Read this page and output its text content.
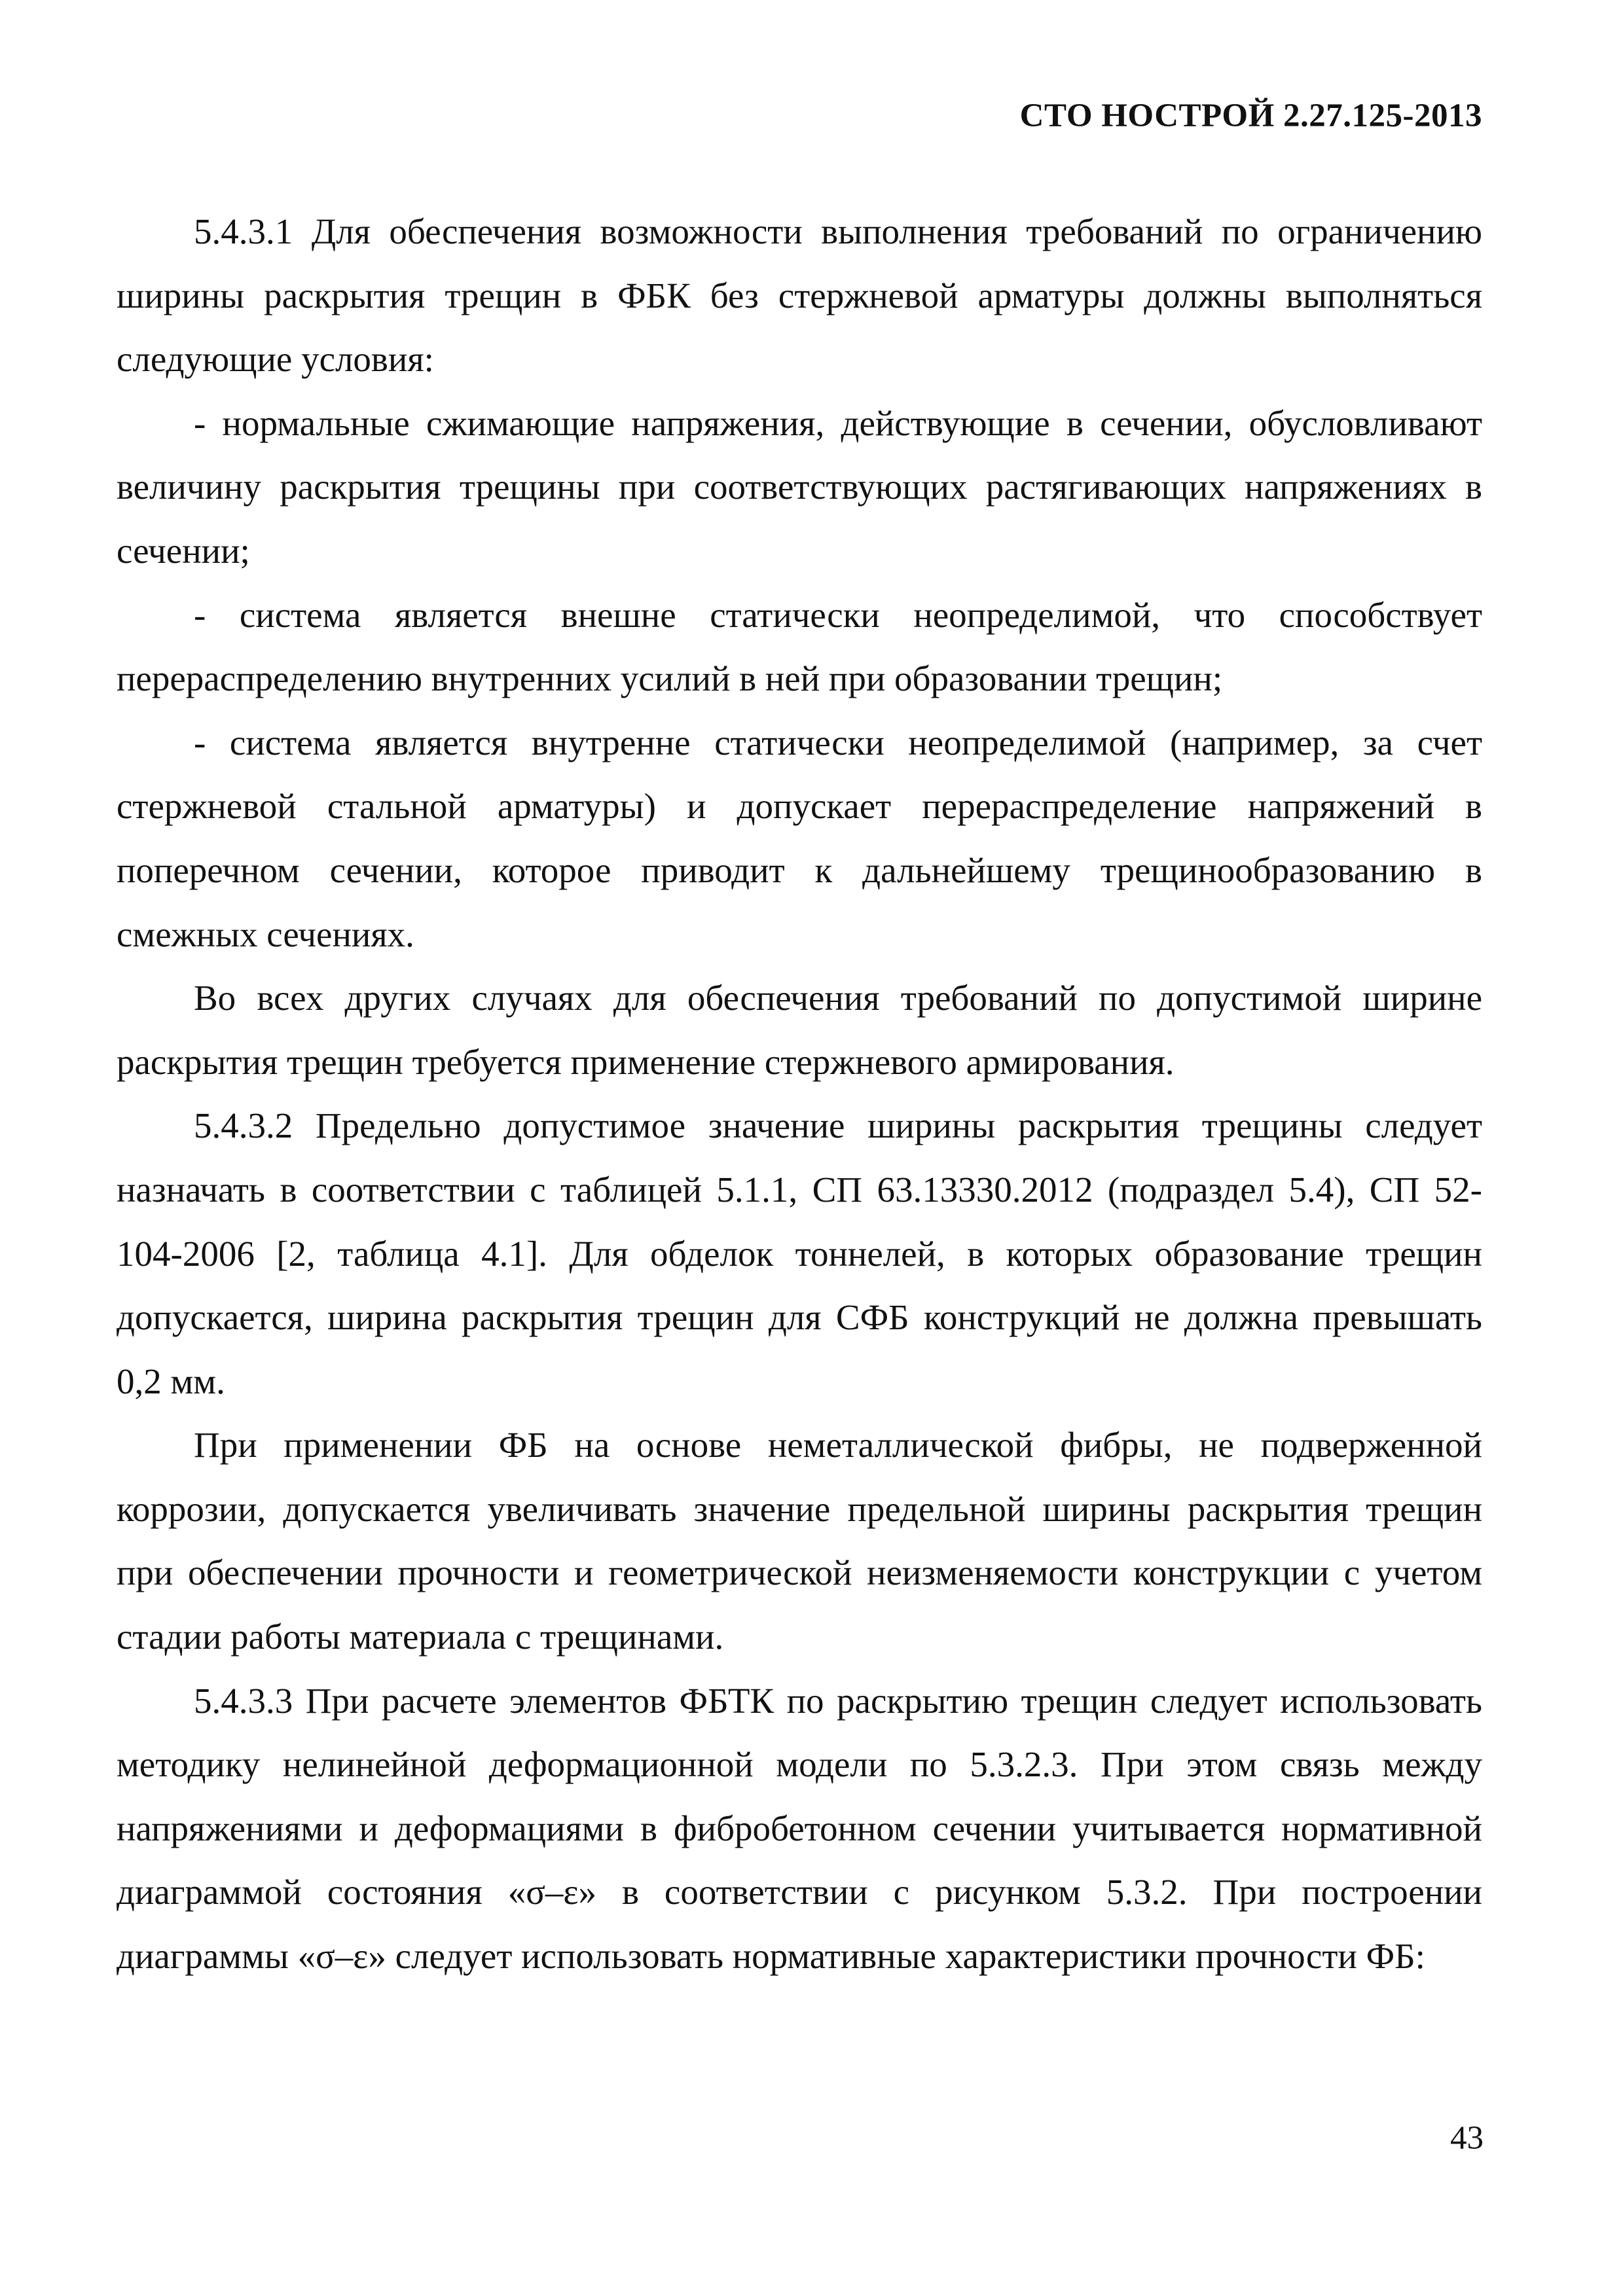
СТО НОСТРОЙ 2.27.125-2013

5.4.3.1 Для обеспечения возможности выполнения требований по ограничению ширины раскрытия трещин в ФБК без стержневой арматуры должны выполняться следующие условия:

- нормальные сжимающие напряжения, действующие в сечении, обусловливают величину раскрытия трещины при соответствующих растягивающих напряжениях в сечении;

- система является внешне статически неопределимой, что способствует перераспределению внутренних усилий в ней при образовании трещин;

- система является внутренне статически неопределимой (например, за счет стержневой стальной арматуры) и допускает перераспределение напряжений в поперечном сечении, которое приводит к дальнейшему трещинообразованию в смежных сечениях.

Во всех других случаях для обеспечения требований по допустимой ширине раскрытия трещин требуется применение стержневого армирования.

5.4.3.2 Предельно допустимое значение ширины раскрытия трещины следует назначать в соответствии с таблицей 5.1.1, СП 63.13330.2012 (подраздел 5.4), СП 52-104-2006 [2, таблица 4.1]. Для обделок тоннелей, в которых образование трещин допускается, ширина раскрытия трещин для СФБ конструкций не должна превышать 0,2 мм.

При применении ФБ на основе неметаллической фибры, не подверженной коррозии, допускается увеличивать значение предельной ширины раскрытия трещин при обеспечении прочности и геометрической неизменяемости конструкции с учетом стадии работы материала с трещинами.

5.4.3.3 При расчете элементов ФБТК по раскрытию трещин следует использовать методику нелинейной деформационной модели по 5.3.2.3. При этом связь между напряжениями и деформациями в фибробетонном сечении учитывается нормативной диаграммой состояния «σ–ε» в соответствии с рисунком 5.3.2. При построении диаграммы «σ–ε» следует использовать нормативные характеристики прочности ФБ:

43
